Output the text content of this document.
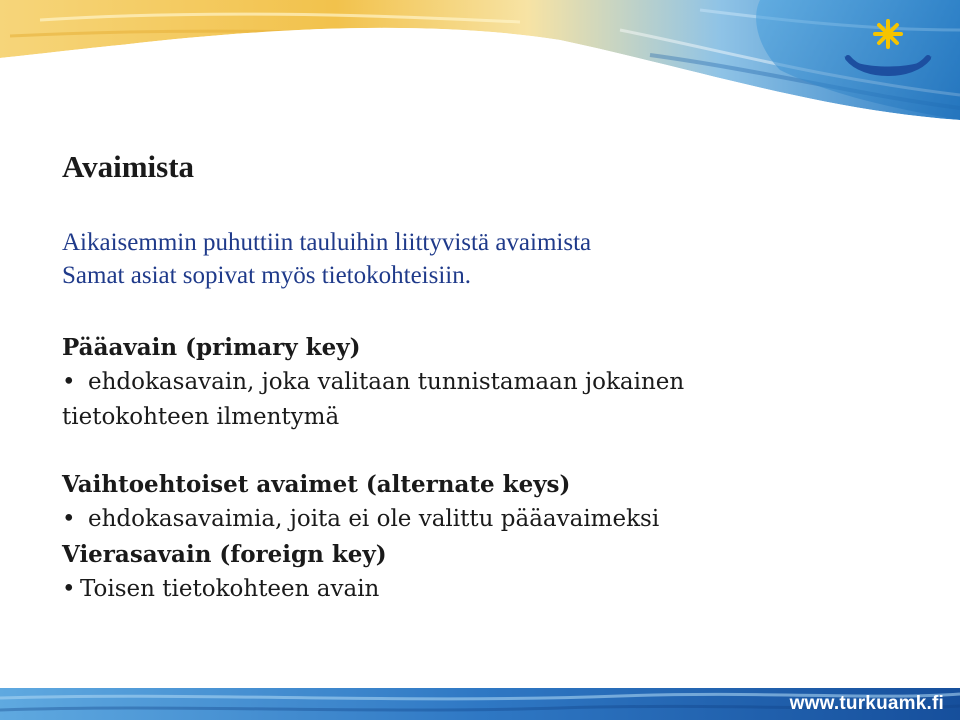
Avaimista
Aikaisemmin puhuttiin tauluihin liittyvistä avaimista
Samat asiat sopivat myös tietokohteisiin.
Pääavain (primary key)
• ehdokasavain, joka valitaan tunnistamaan jokainen
tietokohteen ilmentymä
Vaihtoehtoiset avaimet (alternate keys)
• ehdokasavaimia, joita ei ole valittu pääavaimeksi
Vierasavain (foreign key)
• Toisen tietokohteen avain
www.turkuamk.fi
